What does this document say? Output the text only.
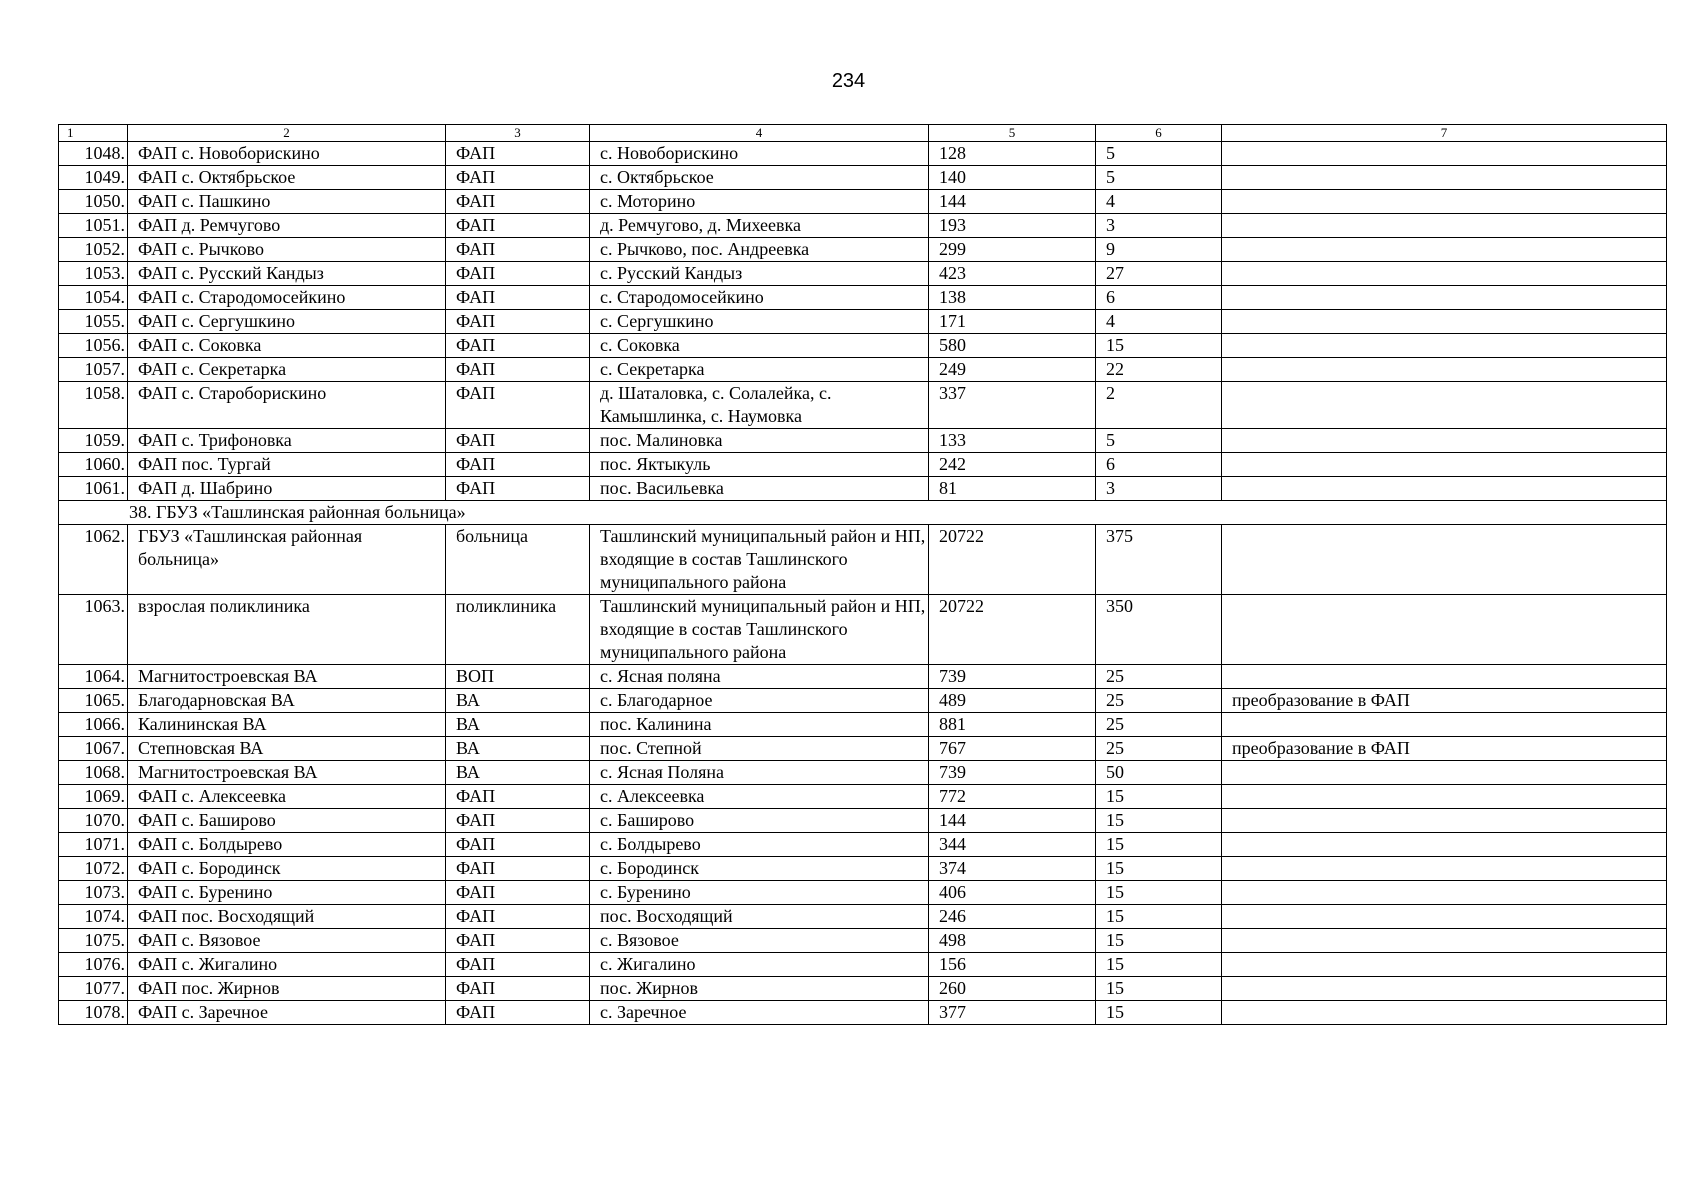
234
1	2	3	4	5	6	7
1048.	ФАП с. Новоборискино	ФАП	с. Новоборискино	128	5	
1049.	ФАП с. Октябрьское	ФАП	с. Октябрьское	140	5	
1050.	ФАП с. Пашкино	ФАП	с. Моторино	144	4	
1051.	ФАП д. Ремчугово	ФАП	д. Ремчугово, д. Михеевка	193	3	
1052.	ФАП с. Рычково	ФАП	с. Рычково, пос. Андреевка	299	9	
1053.	ФАП с. Русский Кандыз	ФАП	с. Русский Кандыз	423	27	
1054.	ФАП с. Стародомосейкино	ФАП	с. Стародомосейкино	138	6	
1055.	ФАП с. Сергушкино	ФАП	с. Сергушкино	171	4	
1056.	ФАП с. Соковка	ФАП	с. Соковка	580	15	
1057.	ФАП с. Секретарка	ФАП	с. Секретарка	249	22	
1058.	ФАП с. Староборискино	ФАП	д. Шаталовка, с. Солалейка, с. Камышлинка, с. Наумовка	337	2	
1059.	ФАП с. Трифоновка	ФАП	пос. Малиновка	133	5	
1060.	ФАП пос. Тургай	ФАП	пос. Яктыкуль	242	6	
1061.	ФАП д. Шабрино	ФАП	пос. Васильевка	81	3	
38. ГБУЗ «Ташлинская районная больница»						
1062.	ГБУЗ «Ташлинская районная больница»	больница	Ташлинский муниципальный район и НП, входящие в состав Ташлинского муниципального района	20722	375	
1063.	взрослая поликлиника	поликлиника	Ташлинский муниципальный район и НП, входящие в состав Ташлинского муниципального района	20722	350	
1064.	Магнитостроевская ВА	ВОП	с. Ясная поляна	739	25	
1065.	Благодарновская ВА	ВА	с. Благодарное	489	25	преобразование в ФАП
1066.	Калининская ВА	ВА	пос. Калинина	881	25	
1067.	Степновская ВА	ВА	пос. Степной	767	25	преобразование в ФАП
1068.	Магнитостроевская ВА	ВА	с. Ясная Поляна	739	50	
1069.	ФАП с. Алексеевка	ФАП	с. Алексеевка	772	15	
1070.	ФАП с. Баширово	ФАП	с. Баширово	144	15	
1071.	ФАП с. Болдырево	ФАП	с. Болдырево	344	15	
1072.	ФАП с. Бородинск	ФАП	с. Бородинск	374	15	
1073.	ФАП с. Буренино	ФАП	с. Буренино	406	15	
1074.	ФАП пос. Восходящий	ФАП	пос. Восходящий	246	15	
1075.	ФАП с. Вязовое	ФАП	с. Вязовое	498	15	
1076.	ФАП с. Жигалино	ФАП	с. Жигалино	156	15	
1077.	ФАП пос. Жирнов	ФАП	пос. Жирнов	260	15	
1078.	ФАП с. Заречное	ФАП	с. Заречное	377	15	
